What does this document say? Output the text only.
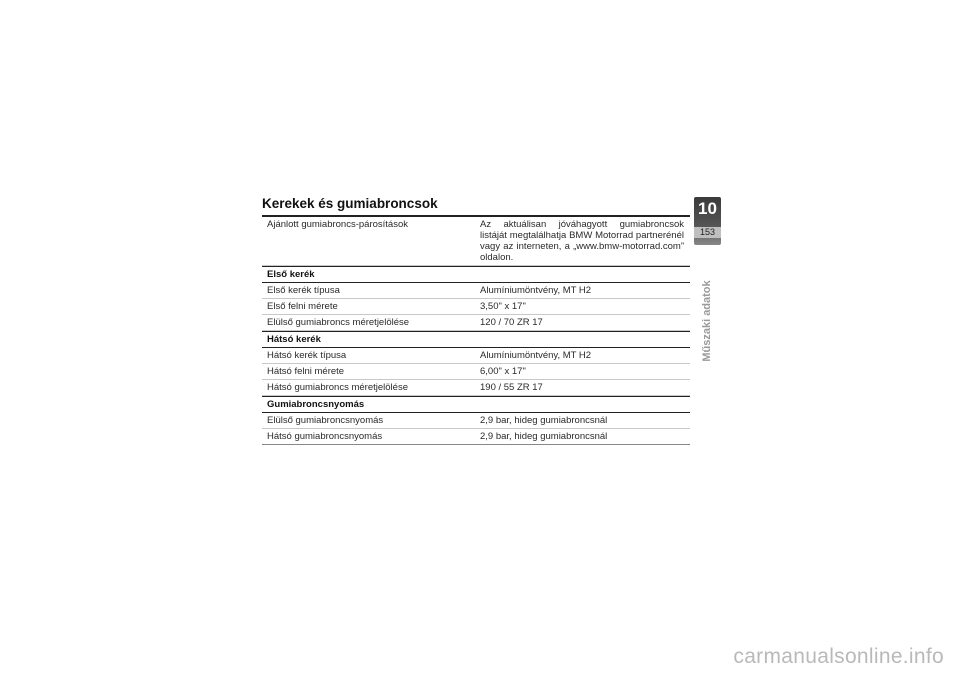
Kerekek és gumiabroncsok
Ajánlott gumiabroncs-párosítások	Az aktuálisan jóváhagyott gumiabroncsok listáját megtalálhatja BMW Motorrad partnerénél vagy az interneten, a „www.bmw-motorrad.com” oldalon.
Első kerék
Első kerék típusa	Alumíniumöntvény, MT H2
Első felni mérete	3,50" x 17"
Elülső gumiabroncs méretjelölése	120 / 70 ZR 17
Hátsó kerék
Hátsó kerék típusa	Alumíniumöntvény, MT H2
Hátsó felni mérete	6,00" x 17"
Hátsó gumiabroncs méretjelölése	190 / 55 ZR 17
Gumiabroncsnyomás
Elülső gumiabroncsnyomás	2,9 bar, hideg gumiabroncsnál
Hátsó gumiabroncsnyomás	2,9 bar, hideg gumiabroncsnál
10
153
Műszaki adatok
carmanualsonline.info
